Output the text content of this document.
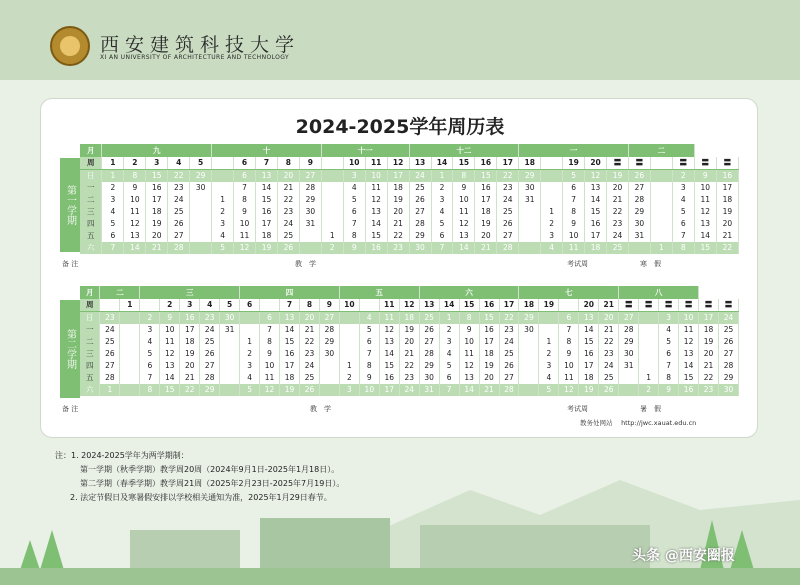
西安建筑科技大学
XI AN UNIVERSITY OF ARCHITECTURE AND TECHNOLOGY
2024-2025学年周历表
第一学期
月	九					十					十一				十二					一					二				
周	1	2	3	4	5		6	7	8	9		10	11	12	13	14	15	16	17	18		19	20	〓	〓		〓	〓	〓
日	1	8	15	22	29		6	13	20	27		3	10	17	24	1	8	15	22	29		5	12	19	26		2	9	16
一	2	9	16	23	30		7	14	21	28		4	11	18	25	2	9	16	23	30		6	13	20	27		3	10	17
二	3	10	17	24		1	8	15	22	29		5	12	19	26	3	10	17	24	31		7	14	21	28		4	11	18
三	4	11	18	25		2	9	16	23	30		6	13	20	27	4	11	18	25		1	8	15	22	29		5	12	19
四	5	12	19	26		3	10	17	24	31		7	14	21	28	5	12	19	26		2	9	16	23	30		6	13	20
五	6	13	20	27		4	11	18	25		1	8	15	22	29	6	13	20	27		3	10	17	24	31		7	14	21
六	7	14	21	28		5	12	19	26		2	9	16	23	30	7	14	21	28		4	11	18	25		1	8	15	22
备 注	教　学	考试周	寒　假
第二学期
月	二		三					四					五				六					七					八					
周		1		2	3	4	5	6		7	8	9	10		11	12	13	14	15	16	17	18	19		20	21	〓	〓	〓	〓	〓	〓
日	23		2	9	16	23	30		6	13	20	27		4	11	18	25	1	8	15	22	29		6	13	20	27		3	10	17	24
一	24		3	10	17	24	31		7	14	21	28		5	12	19	26	2	9	16	23	30		7	14	21	28		4	11	18	25
二	25		4	11	18	25		1	8	15	22	29		6	13	20	27	3	10	17	24		1	8	15	22	29		5	12	19	26
三	26		5	12	19	26		2	9	16	23	30		7	14	21	28	4	11	18	25		2	9	16	23	30		6	13	20	27
四	27		6	13	20	27		3	10	17	24		1	8	15	22	29	5	12	19	26		3	10	17	24	31		7	14	21	28
五	28		7	14	21	28		4	11	18	25		2	9	16	23	30	6	13	20	27		4	11	18	25		1	8	15	22	29
六	1		8	15	22	29		5	12	19	26		3	10	17	24	31	7	14	21	28		5	12	19	26		2	9	16	23	30
备 注	教　学	考试周	暑　假
教务处网站　 http://jwc.xauat.edu.cn
注：1. 2024-2025学年为两学期制：
第一学期（秋季学期）教学周20周（2024年9月1日-2025年1月18日）。
第二学期（春季学期）教学周21周（2025年2月23日-2025年7月19日）。
2. 法定节假日及寒暑假安排以学校相关通知为准，2025年1月29日春节。
头条 @西安圈报
